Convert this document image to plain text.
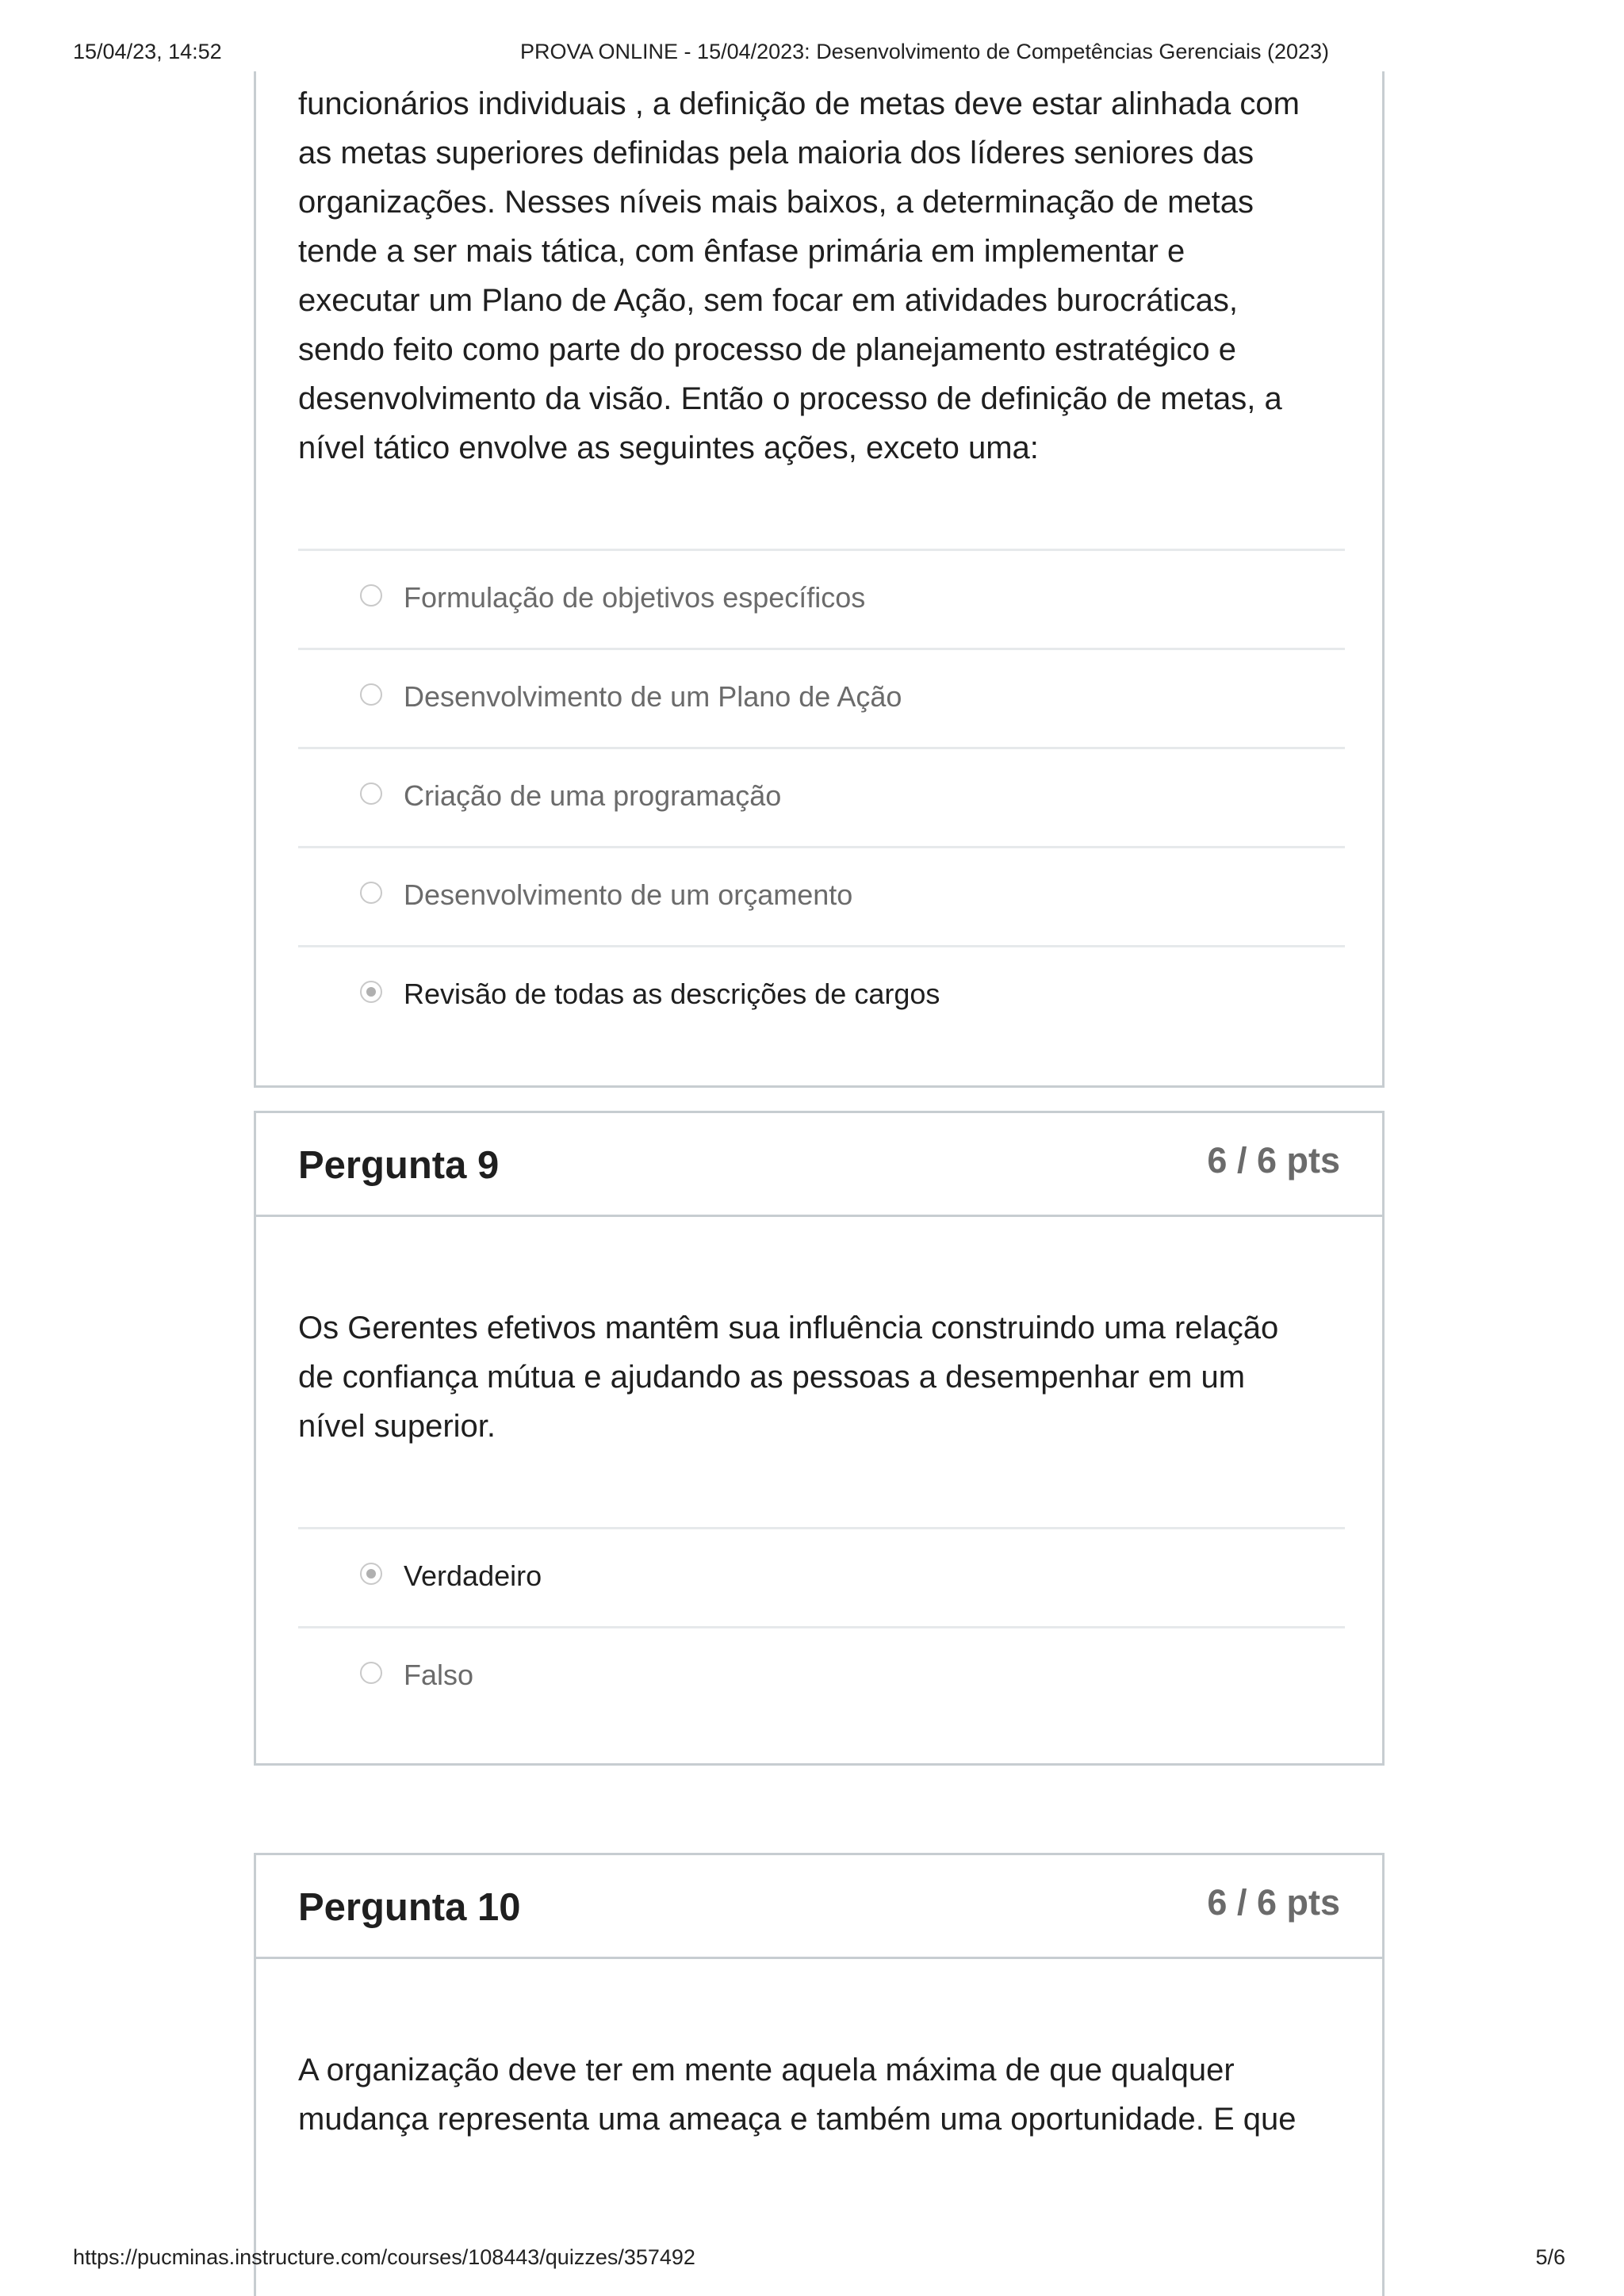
15/04/23, 14:52	PROVA ONLINE - 15/04/2023: Desenvolvimento de Competências Gerenciais (2023)
funcionários individuais , a definição de metas deve estar alinhada com
as metas superiores definidas pela maioria dos líderes seniores das
organizações. Nesses níveis mais baixos, a determinação de metas
tende a ser mais tática, com ênfase primária em implementar e
executar um Plano de Ação, sem focar em atividades burocráticas,
sendo feito como parte do processo de planejamento estratégico e
desenvolvimento da visão. Então o processo de definição de metas, a
nível tático envolve as seguintes ações, exceto uma:
Formulação de objetivos específicos
Desenvolvimento de um Plano de Ação
Criação de uma programação
Desenvolvimento de um orçamento
Revisão de todas as descrições de cargos
Pergunta 9	6 / 6 pts
Os Gerentes efetivos mantêm sua influência construindo uma relação
de confiança mútua e ajudando as pessoas a desempenhar em um
nível superior.
Verdadeiro
Falso
Pergunta 10	6 / 6 pts
A organização deve ter em mente aquela máxima de que qualquer
mudança representa uma ameaça e também uma oportunidade. E que
https://pucminas.instructure.com/courses/108443/quizzes/357492	5/6
